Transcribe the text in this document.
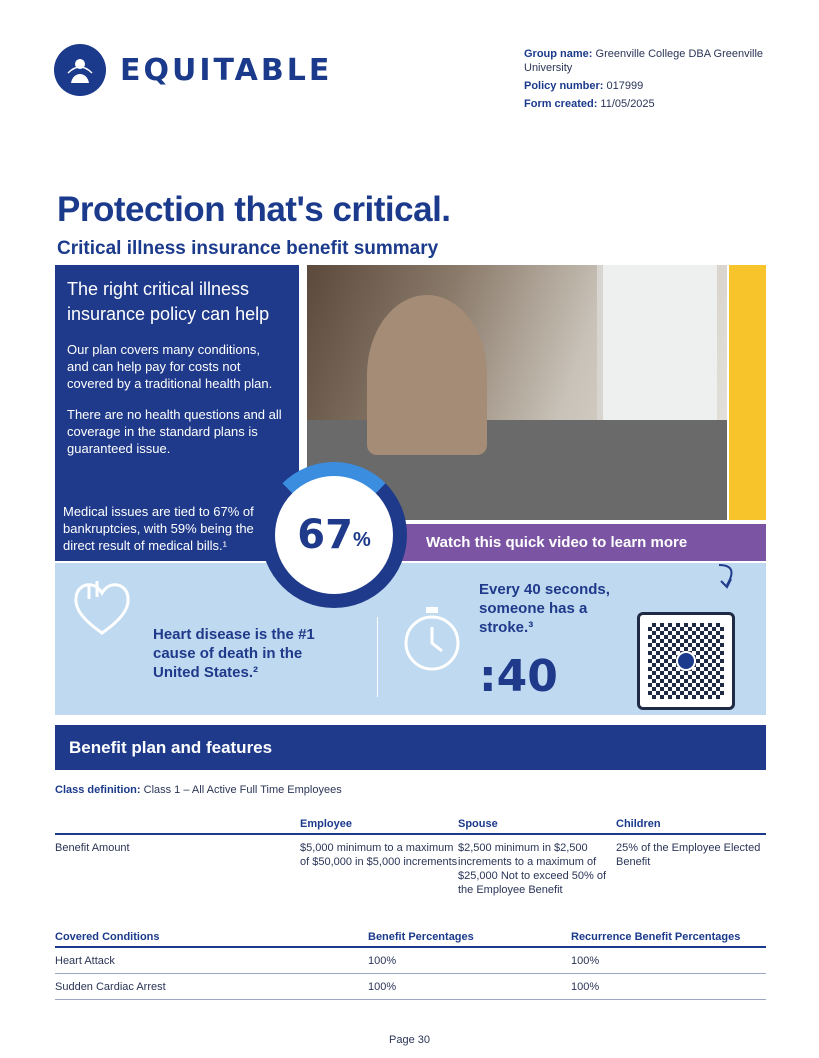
EQUITABLE	Group name: Greenville College DBA Greenville University
Policy number: 017999
Form created: 11/05/2025
Protection that's critical.
Critical illness insurance benefit summary
The right critical illness insurance policy can help
Our plan covers many conditions, and can help pay for costs not covered by a traditional health plan.
There are no health questions and all coverage in the standard plans is guaranteed issue.
Medical issues are tied to 67% of bankruptcies, with 59% being the direct result of medical bills.¹	67 %	Watch this quick video to learn more
Heart disease is the #1 cause of death in the United States.²
Every 40 seconds, someone has a stroke.³
:40
Benefit plan and features
Class definition: Class 1 – All Active Full Time Employees
	Employee	Spouse	Children
Benefit Amount	$5,000 minimum to a maximum of $50,000 in $5,000 increments	$2,500 minimum in $2,500 increments to a maximum of $25,000 Not to exceed 50% of the Employee Benefit	25% of the Employee Elected Benefit
Covered Conditions	Benefit Percentages	Recurrence Benefit Percentages
Heart Attack	100%	100%
Sudden Cardiac Arrest	100%	100%
Page 30
